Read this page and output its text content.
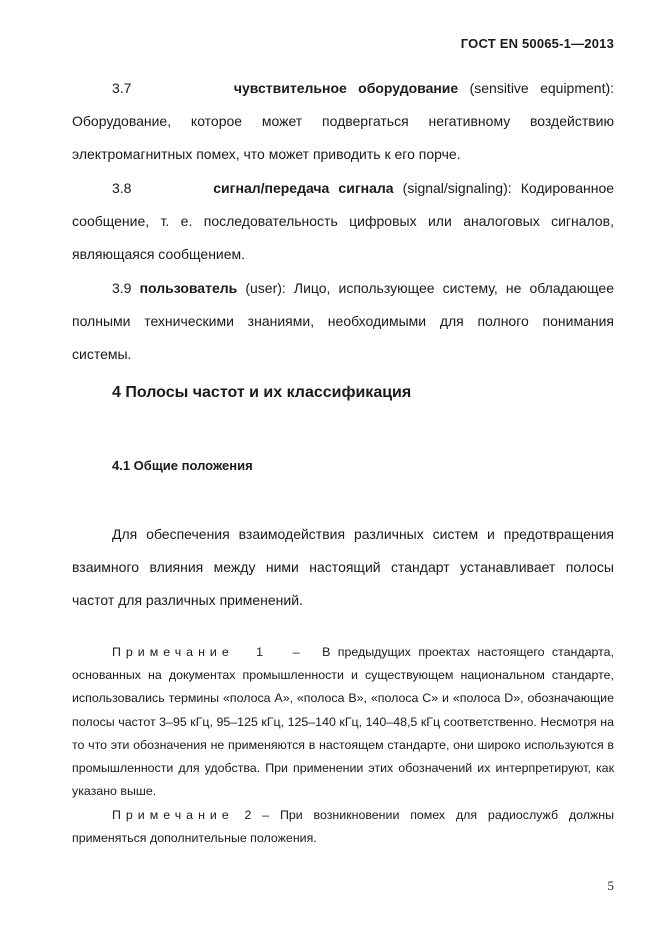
ГОСТ EN 50065-1—2013

3.7	чувствительное оборудование (sensitive equipment): Оборудование, которое может подвергаться негативному воздействию электромагнитных помех, что может приводить к его порче.

3.8	сигнал/передача сигнала (signal/signaling): Кодированное сообщение, т. е. последовательность цифровых или аналоговых сигналов, являющаяся сообщением.

3.9 пользователь (user): Лицо, использующее систему, не обладающее полными техническими знаниями, необходимыми для полного понимания системы.

4 Полосы частот и их классификация
4.1 Общие положения

Для обеспечения взаимодействия различных систем и предотвращения взаимного влияния между ними настоящий стандарт устанавливает полосы частот для различных применений.

Примечание 1 – В предыдущих проектах настоящего стандарта, основанных на документах промышленности и существующем национальном стандарте, использовались термины «полоса А», «полоса В», «полоса С» и «полоса D», обозначающие полосы частот 3–95 кГц, 95–125 кГц, 125–140 кГц, 140–48,5 кГц соответственно. Несмотря на то что эти обозначения не применяются в настоящем стандарте, они широко используются в промышленности для удобства. При применении этих обозначений их интерпретируют, как указано выше.

Примечание 2 – При возникновении помех для радиослужб должны применяться дополнительные положения.

5
